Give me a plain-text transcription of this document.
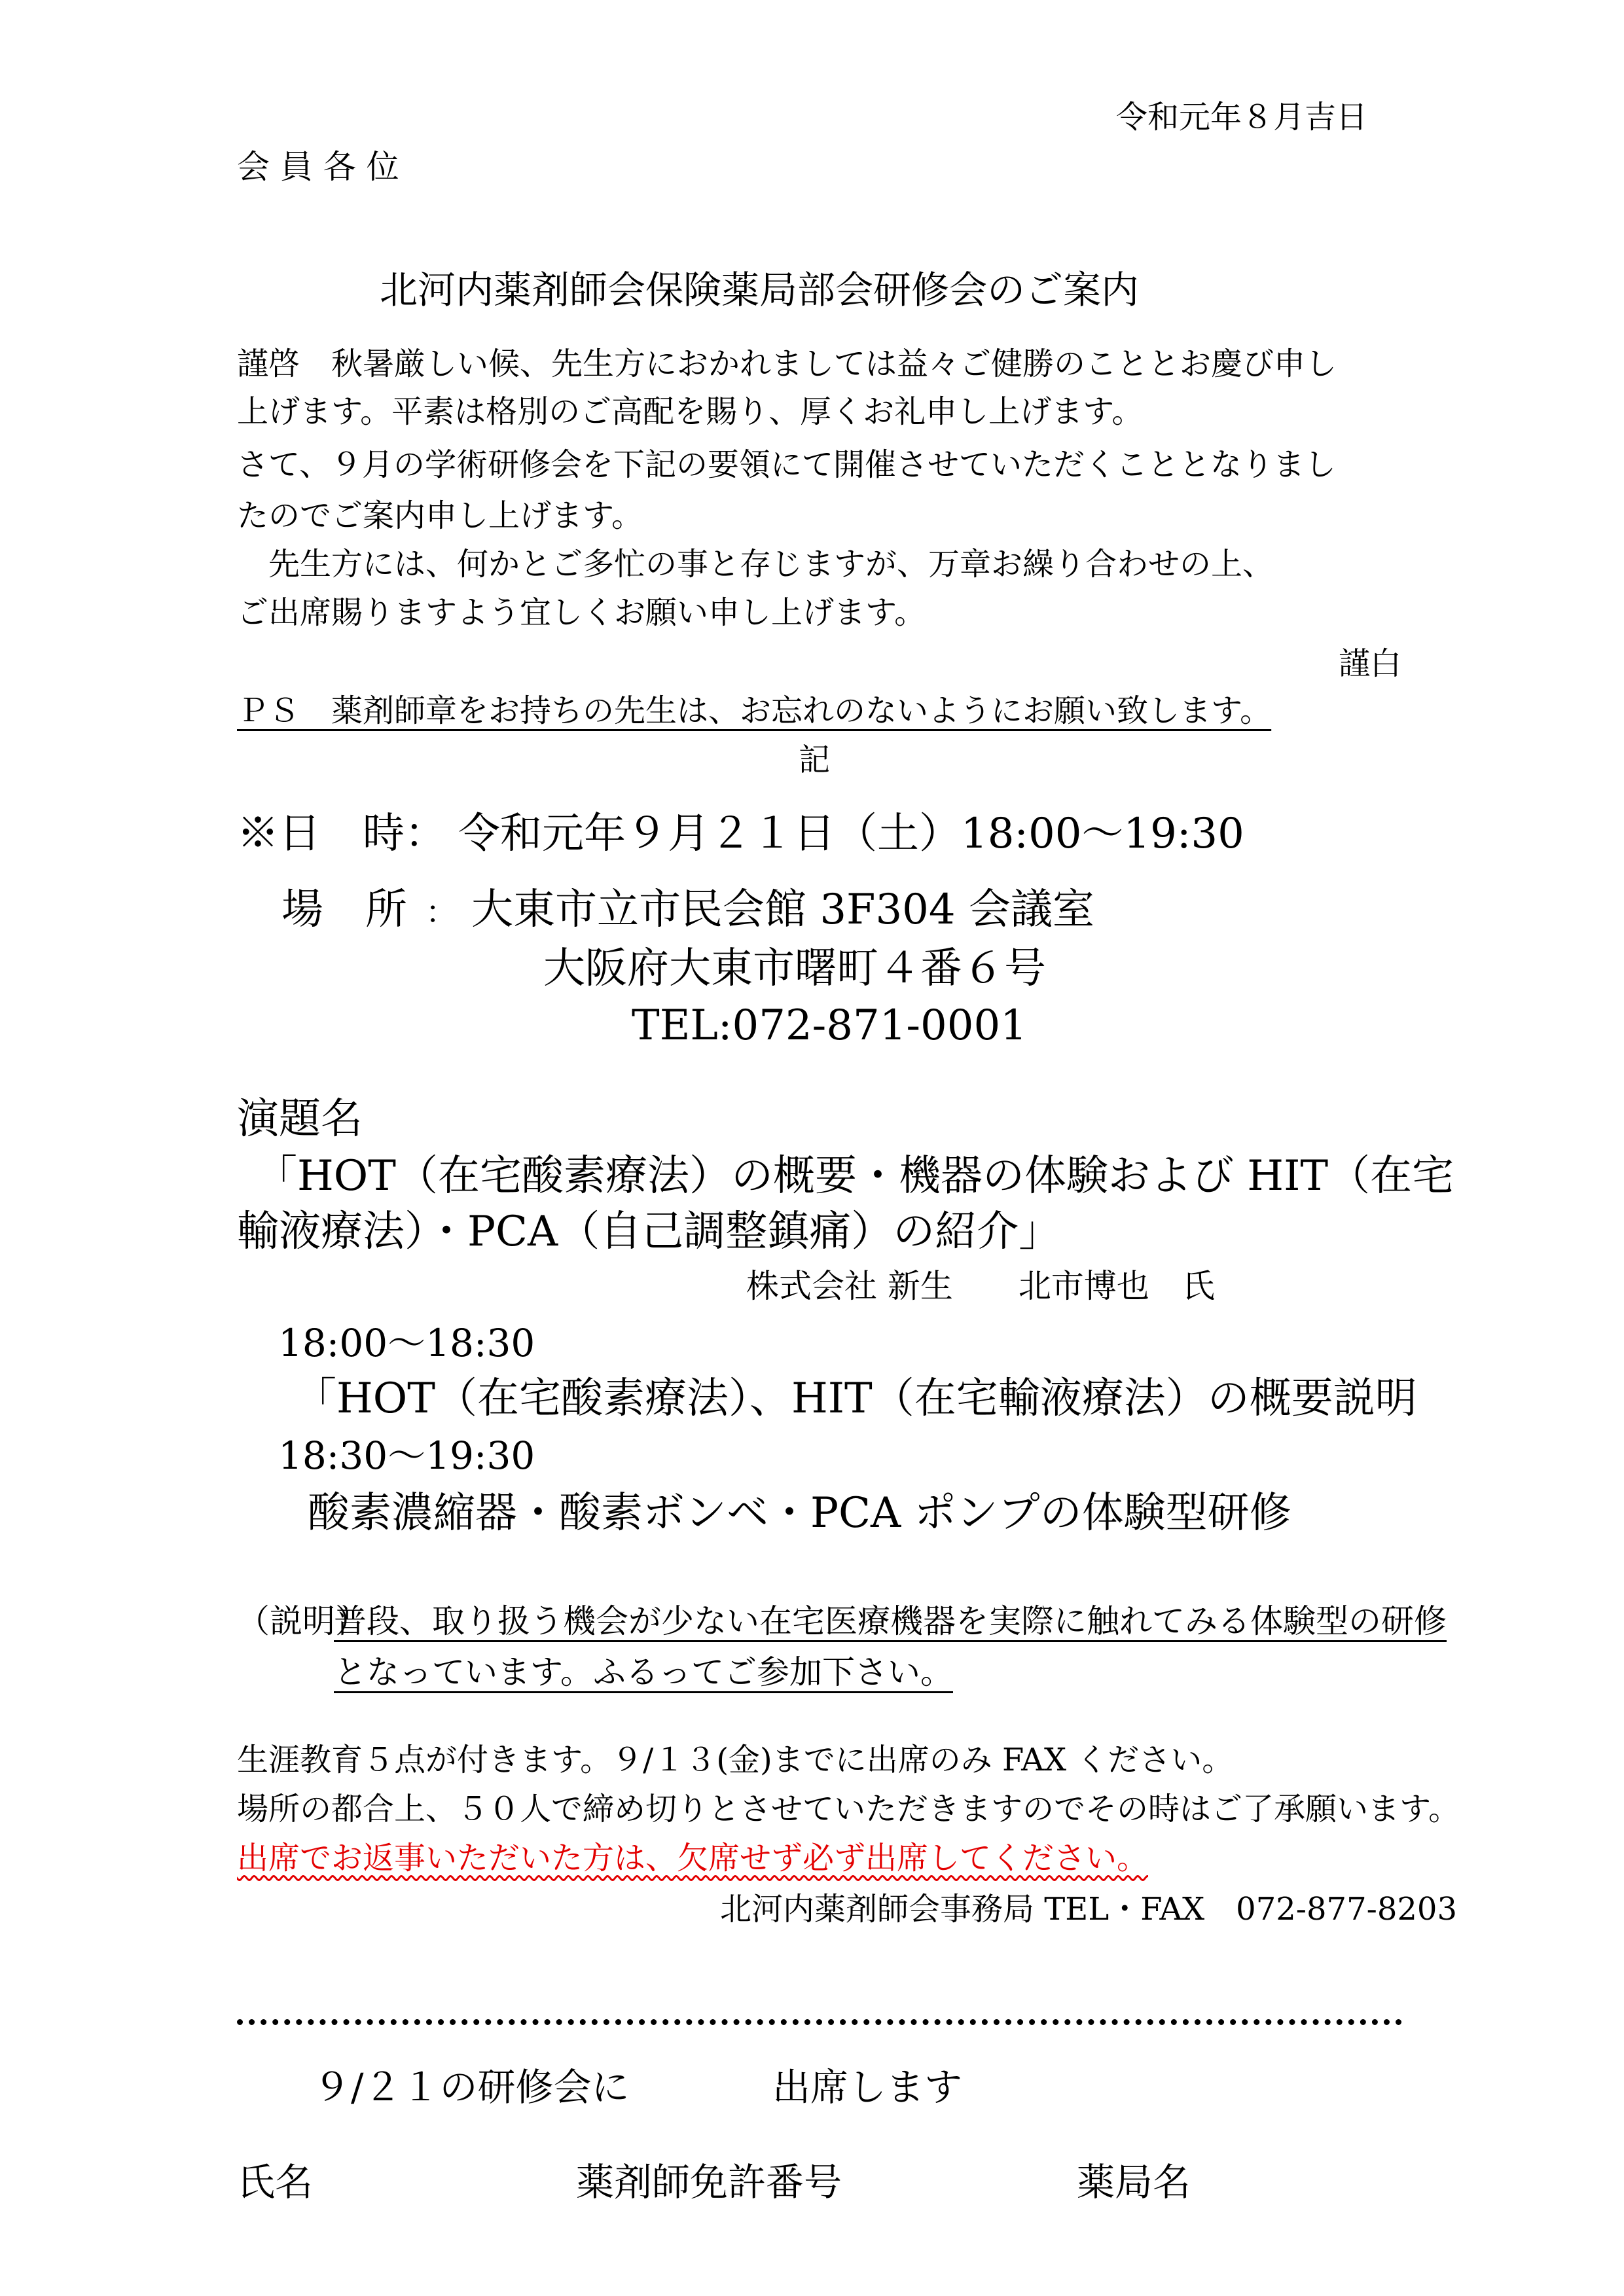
令和元年８月吉日
会 員 各 位
北河内薬剤師会保険薬局部会研修会のご案内
謹啓　秋暑厳しい候、先生方におかれましては益々ご健勝のこととお慶び申し
上げます。平素は格別のご高配を賜り、厚くお礼申し上げます。
さて、９月の学術研修会を下記の要領にて開催させていただくこととなりまし
たのでご案内申し上げます。
先生方には、何かとご多忙の事と存じますが、万章お繰り合わせの上、
ご出席賜りますよう宜しくお願い申し上げます。
謹白
ＰＳ　薬剤師章をお持ちの先生は、お忘れのないようにお願い致します。
記
※日　時： 令和元年９月２１日（土）18:00～19:30
場　所 ： 大東市立市民会館 3F304 会議室
大阪府大東市曙町４番６号
TEL:072-871-0001
演題名
「HOT（在宅酸素療法）の概要・機器の体験および HIT（在宅
輸液療法）・PCA（自己調整鎮痛）の紹介」
株式会社 新生　　北市博也　氏
18:00～18:30
「HOT（在宅酸素療法）、HIT（在宅輸液療法）の概要説明
18:30～19:30
酸素濃縮器・酸素ボンベ・PCA ポンプの体験型研修
（説明）
普段、取り扱う機会が少ない在宅医療機器を実際に触れてみる体験型の研修
となっています。ふるってご参加下さい。
生涯教育５点が付きます。９/１３(金)までに出席のみ FAX ください。
場所の都合上、５０人で締め切りとさせていただきますのでその時はご了承願います。
出席でお返事いただいた方は、欠席せず必ず出席してください。
北河内薬剤師会事務局 TEL・FAX　072-877-8203
９/２１の研修会に	出席します
氏名	薬剤師免許番号	薬局名
